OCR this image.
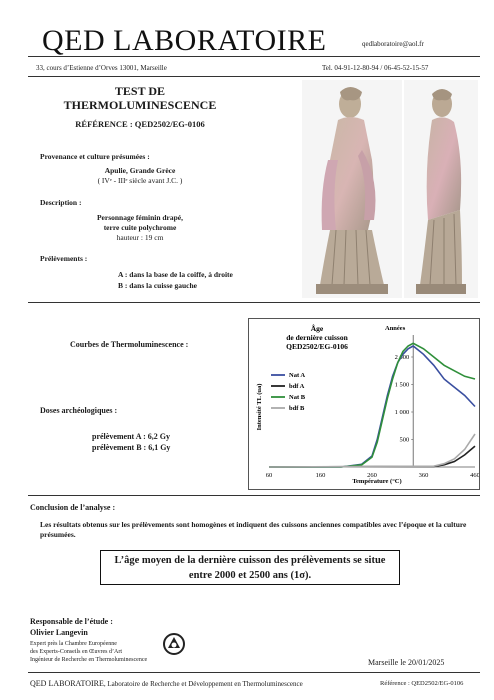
QED LABORATOIRE	qedlaboratoire@aol.fr
33, cours d’Estienne d’Orves 13001, Marseille	Tel. 04-91-12-80-94 / 06-45-52-15-57
TEST DE
THERMOLUMINESCENCE
RÉFÉRENCE : QED2502/EG-0106
Provenance et culture présumées :
Apulie, Grande Grèce
( IVᵉ - IIIᵉ siècle avant J.C. )
Description :
Personnage féminin drapé,
terre cuite polychrome
hauteur : 19 cm
Prélèvements :
A : dans la base de la coiffe, à droite
B : dans la cuisse gauche
Courbes de Thermoluminescence :
Doses archéologiques :
prélèvement A : 6,2 Gy
prélèvement B : 6,1 Gy
Âge
de dernière cuisson
QED2502/EG-0106
Années
Intensité TL (ua)
Température (°C)
60	160	260	360	460
500
1 000
1 500
2 000
Nat A
bdf A
Nat B
bdf B
Conclusion de l’analyse :
Les résultats obtenus sur les prélèvements sont homogènes et indiquent des cuissons anciennes compatibles avec l’époque et la culture présumées.
L’âge moyen de la dernière cuisson des prélèvements se situe
entre 2000 et 2500 ans (1σ).
Responsable de l’étude :
Olivier Langevin
Expert près la Chambre Européenne
des Experts-Conseils en Œuvres d’Art
Ingénieur de Recherche en Thermoluminescence	Marseille le 20/01/2025
QED LABORATOIRE, Laboratoire de Recherche et Développement en Thermoluminescence	Référence : QED2502/EG-0106
